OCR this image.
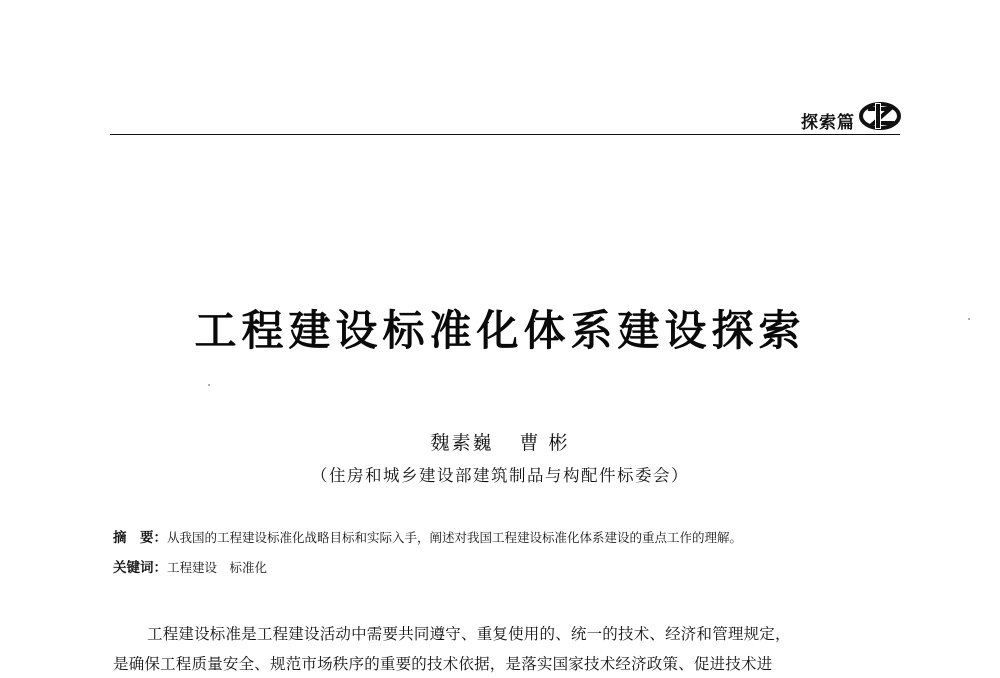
探索篇
工程建设标准化体系建设探索
魏素巍 曹 彬
（住房和城乡建设部建筑制品与构配件标委会）
摘　要：从我国的工程建设标准化战略目标和实际入手，阐述对我国工程建设标准化体系建设的重点工作的理解。
关键词：工程建设　标准化
工程建设标准是工程建设活动中需要共同遵守、重复使用的、统一的技术、经济和管理规定，
是确保工程质量安全、规范市场秩序的重要的技术依据，是落实国家技术经济政策、促进技术进
